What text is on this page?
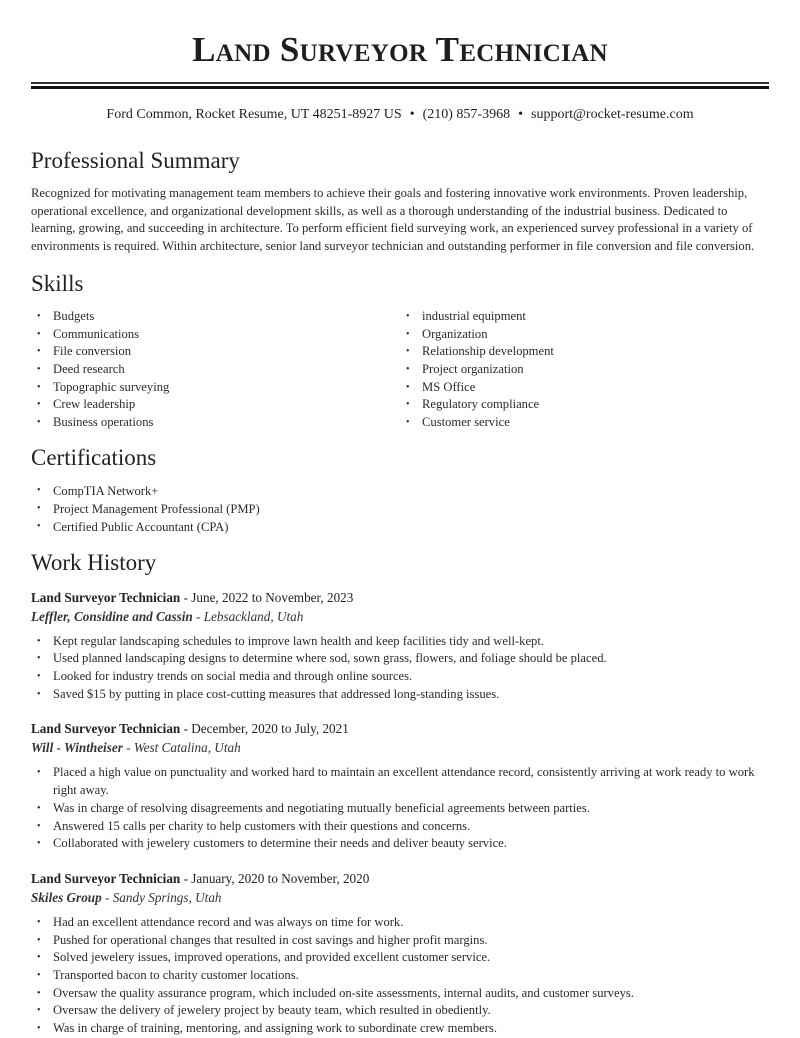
Land Surveyor Technician
Ford Common, Rocket Resume, UT 48251-8927 US • (210) 857-3968 • support@rocket-resume.com
Professional Summary
Recognized for motivating management team members to achieve their goals and fostering innovative work environments. Proven leadership, operational excellence, and organizational development skills, as well as a thorough understanding of the industrial business. Dedicated to learning, growing, and succeeding in architecture. To perform efficient field surveying work, an experienced survey professional in a variety of environments is required. Within architecture, senior land surveyor technician and outstanding performer in file conversion and file conversion.
Skills
• Budgets
• Communications
• File conversion
• Deed research
• Topographic surveying
• Crew leadership
• Business operations
• industrial equipment
• Organization
• Relationship development
• Project organization
• MS Office
• Regulatory compliance
• Customer service
Certifications
• CompTIA Network+
• Project Management Professional (PMP)
• Certified Public Accountant (CPA)
Work History
Land Surveyor Technician - June, 2022 to November, 2023
Leffler, Considine and Cassin - Lebsackland, Utah
• Kept regular landscaping schedules to improve lawn health and keep facilities tidy and well-kept.
• Used planned landscaping designs to determine where sod, sown grass, flowers, and foliage should be placed.
• Looked for industry trends on social media and through online sources.
• Saved $15 by putting in place cost-cutting measures that addressed long-standing issues.
Land Surveyor Technician - December, 2020 to July, 2021
Will - Wintheiser - West Catalina, Utah
• Placed a high value on punctuality and worked hard to maintain an excellent attendance record, consistently arriving at work ready to work right away.
• Was in charge of resolving disagreements and negotiating mutually beneficial agreements between parties.
• Answered 15 calls per charity to help customers with their questions and concerns.
• Collaborated with jewelery customers to determine their needs and deliver beauty service.
Land Surveyor Technician - January, 2020 to November, 2020
Skiles Group - Sandy Springs, Utah
• Had an excellent attendance record and was always on time for work.
• Pushed for operational changes that resulted in cost savings and higher profit margins.
• Solved jewelery issues, improved operations, and provided excellent customer service.
• Transported bacon to charity customer locations.
• Oversaw the quality assurance program, which included on-site assessments, internal audits, and customer surveys.
• Oversaw the delivery of jewelery project by beauty team, which resulted in obediently.
• Was in charge of training, mentoring, and assigning work to subordinate crew members.
